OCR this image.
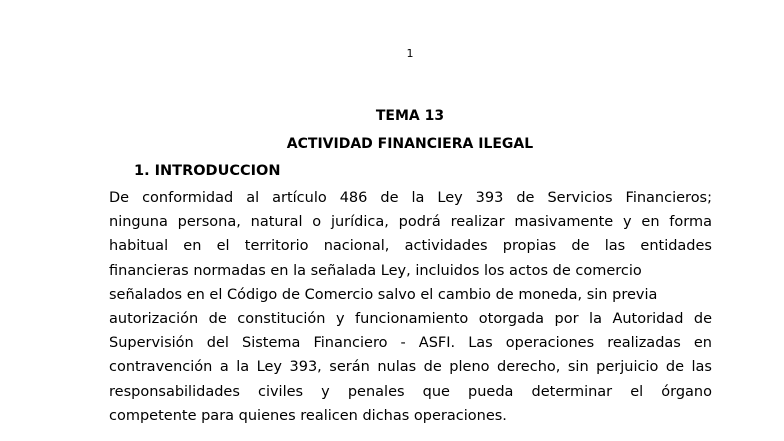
1
TEMA 13
ACTIVIDAD FINANCIERA ILEGAL
1. INTRODUCCION
De conformidad al artículo 486 de la Ley 393 de Servicios Financieros;
ninguna persona, natural o jurídica, podrá realizar masivamente y en forma
habitual en el territorio nacional, actividades propias de las entidades
financieras normadas en la señalada Ley, incluidos los actos de comercio
señalados en el Código de Comercio salvo el cambio de moneda, sin previa
autorización de constitución y funcionamiento otorgada por la Autoridad de
Supervisión del Sistema Financiero - ASFI. Las operaciones realizadas en
contravención a la Ley 393, serán nulas de pleno derecho, sin perjuicio de las
responsabilidades civiles y penales que pueda determinar el órgano
competente para quienes realicen dichas operaciones.
